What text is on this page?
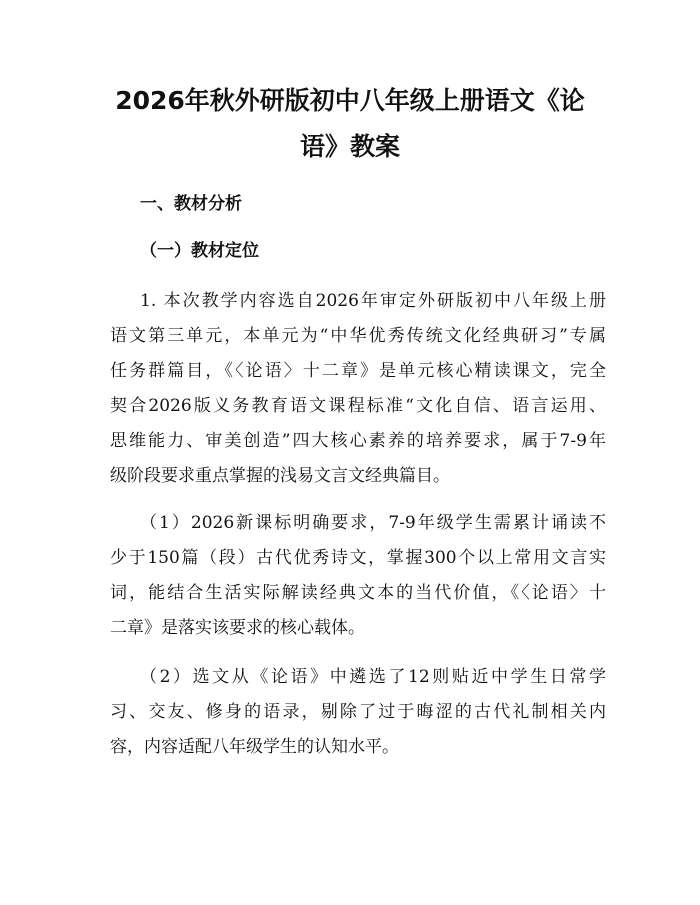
2026年秋外研版初中八年级上册语文《论
语》教案
一、教材分析
（一）教材定位

1. 本次教学内容选自2026年审定外研版初中八年级上册
语文第三单元，本单元为“中华优秀传统文化经典研习”专属
任务群篇目，《〈论语〉十二章》是单元核心精读课文，完全
契合2026版义务教育语文课程标准“文化自信、语言运用、
思维能力、审美创造”四大核心素养的培养要求，属于7-9年
级阶段要求重点掌握的浅易文言文经典篇目。

（1）2026新课标明确要求，7-9年级学生需累计诵读不
少于150篇（段）古代优秀诗文，掌握300个以上常用文言实
词，能结合生活实际解读经典文本的当代价值，《〈论语〉十
二章》是落实该要求的核心载体。

（2）选文从《论语》中遴选了12则贴近中学生日常学
习、交友、修身的语录，剔除了过于晦涩的古代礼制相关内
容，内容适配八年级学生的认知水平。
